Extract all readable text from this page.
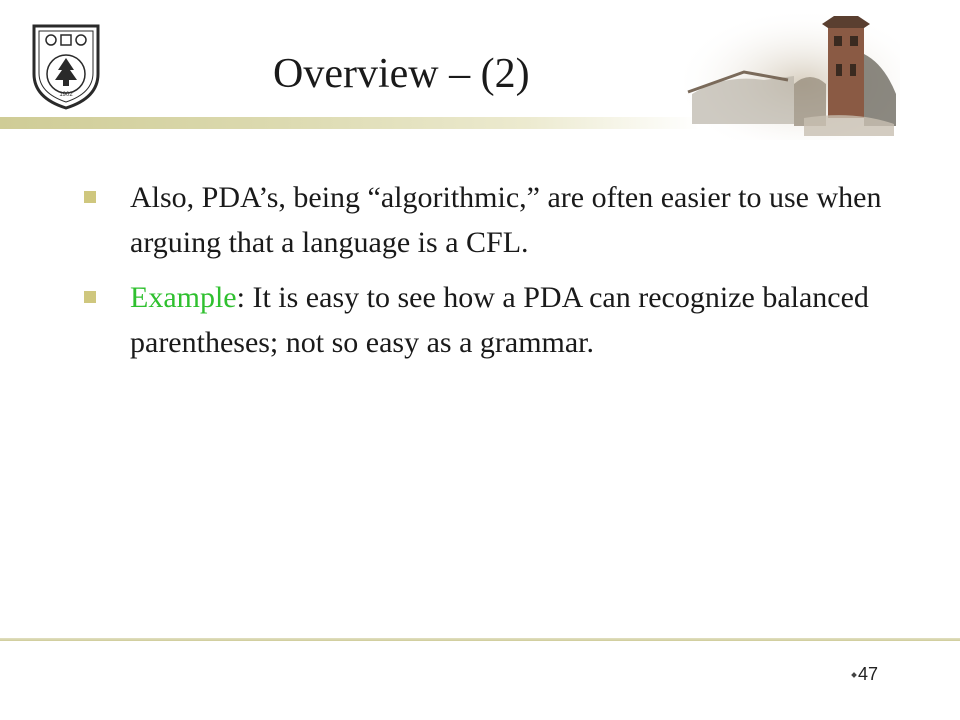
1902	Overview – (2)
Also, PDA’s, being “algorithmic,” are often easier to use when arguing that a language is a CFL.
Example: It is easy to see how a PDA can recognize balanced parentheses; not so easy as a grammar.
47
